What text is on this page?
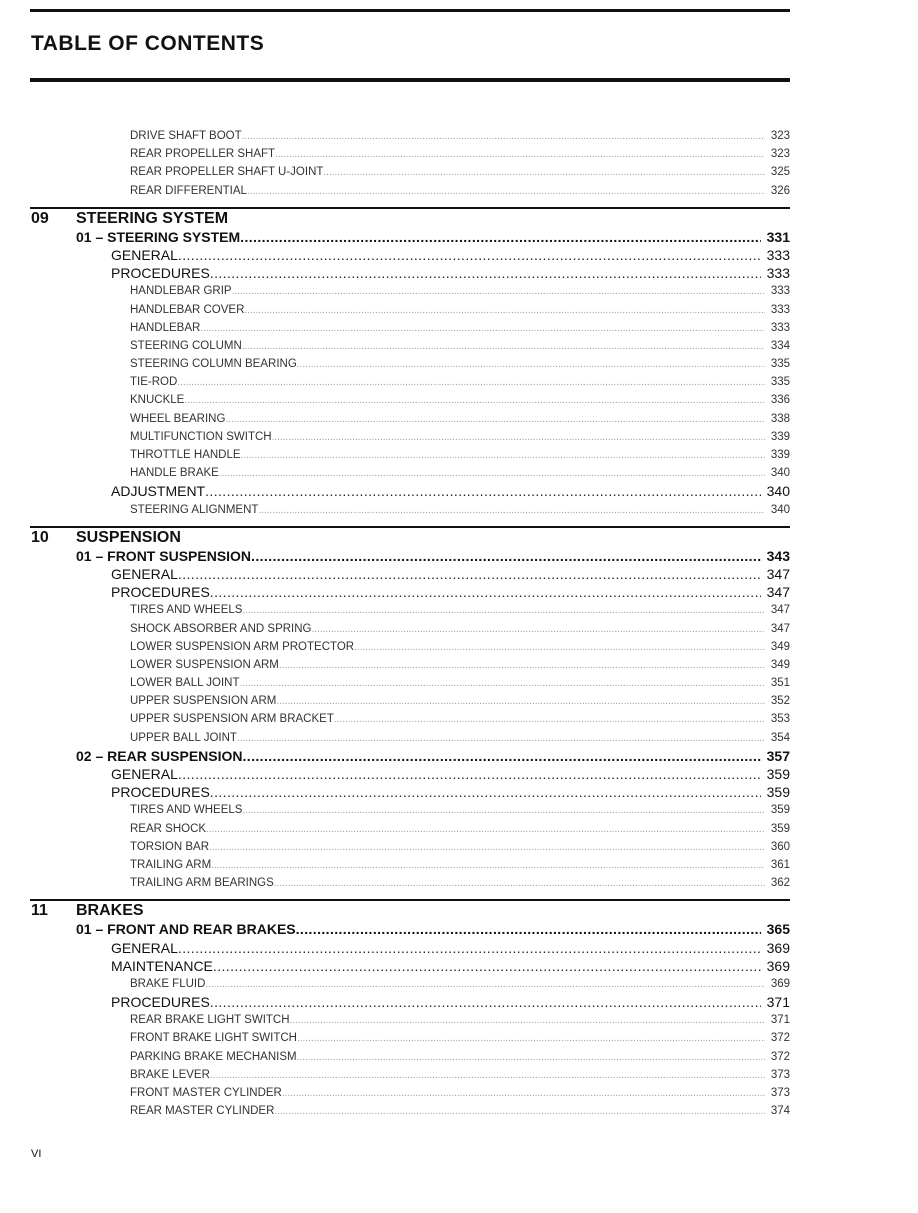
TABLE OF CONTENTS
DRIVE SHAFT BOOT .....	323
REAR PROPELLER SHAFT .....	323
REAR PROPELLER SHAFT U-JOINT .....	325
REAR DIFFERENTIAL .....	326
09 STEERING SYSTEM
01 – STEERING SYSTEM .....	331
GENERAL .....	333
PROCEDURES .....	333
HANDLEBAR GRIP .....	333
HANDLEBAR COVER .....	333
HANDLEBAR .....	333
STEERING COLUMN .....	334
STEERING COLUMN BEARING .....	335
TIE-ROD .....	335
KNUCKLE .....	336
WHEEL BEARING .....	338
MULTIFUNCTION SWITCH .....	339
THROTTLE HANDLE .....	339
HANDLE BRAKE .....	340
ADJUSTMENT .....	340
STEERING ALIGNMENT .....	340
10 SUSPENSION
01 – FRONT SUSPENSION .....	343
GENERAL .....	347
PROCEDURES .....	347
TIRES AND WHEELS .....	347
SHOCK ABSORBER AND SPRING .....	347
LOWER SUSPENSION ARM PROTECTOR .....	349
LOWER SUSPENSION ARM .....	349
LOWER BALL JOINT .....	351
UPPER SUSPENSION ARM .....	352
UPPER SUSPENSION ARM BRACKET .....	353
UPPER BALL JOINT .....	354
02 – REAR SUSPENSION .....	357
GENERAL .....	359
PROCEDURES .....	359
TIRES AND WHEELS .....	359
REAR SHOCK .....	359
TORSION BAR .....	360
TRAILING ARM .....	361
TRAILING ARM BEARINGS .....	362
11 BRAKES
01 – FRONT AND REAR BRAKES .....	365
GENERAL .....	369
MAINTENANCE .....	369
BRAKE FLUID .....	369
PROCEDURES .....	371
REAR BRAKE LIGHT SWITCH .....	371
FRONT BRAKE LIGHT SWITCH .....	372
PARKING BRAKE MECHANISM .....	372
BRAKE LEVER .....	373
FRONT MASTER CYLINDER .....	373
REAR MASTER CYLINDER .....	374
VI
